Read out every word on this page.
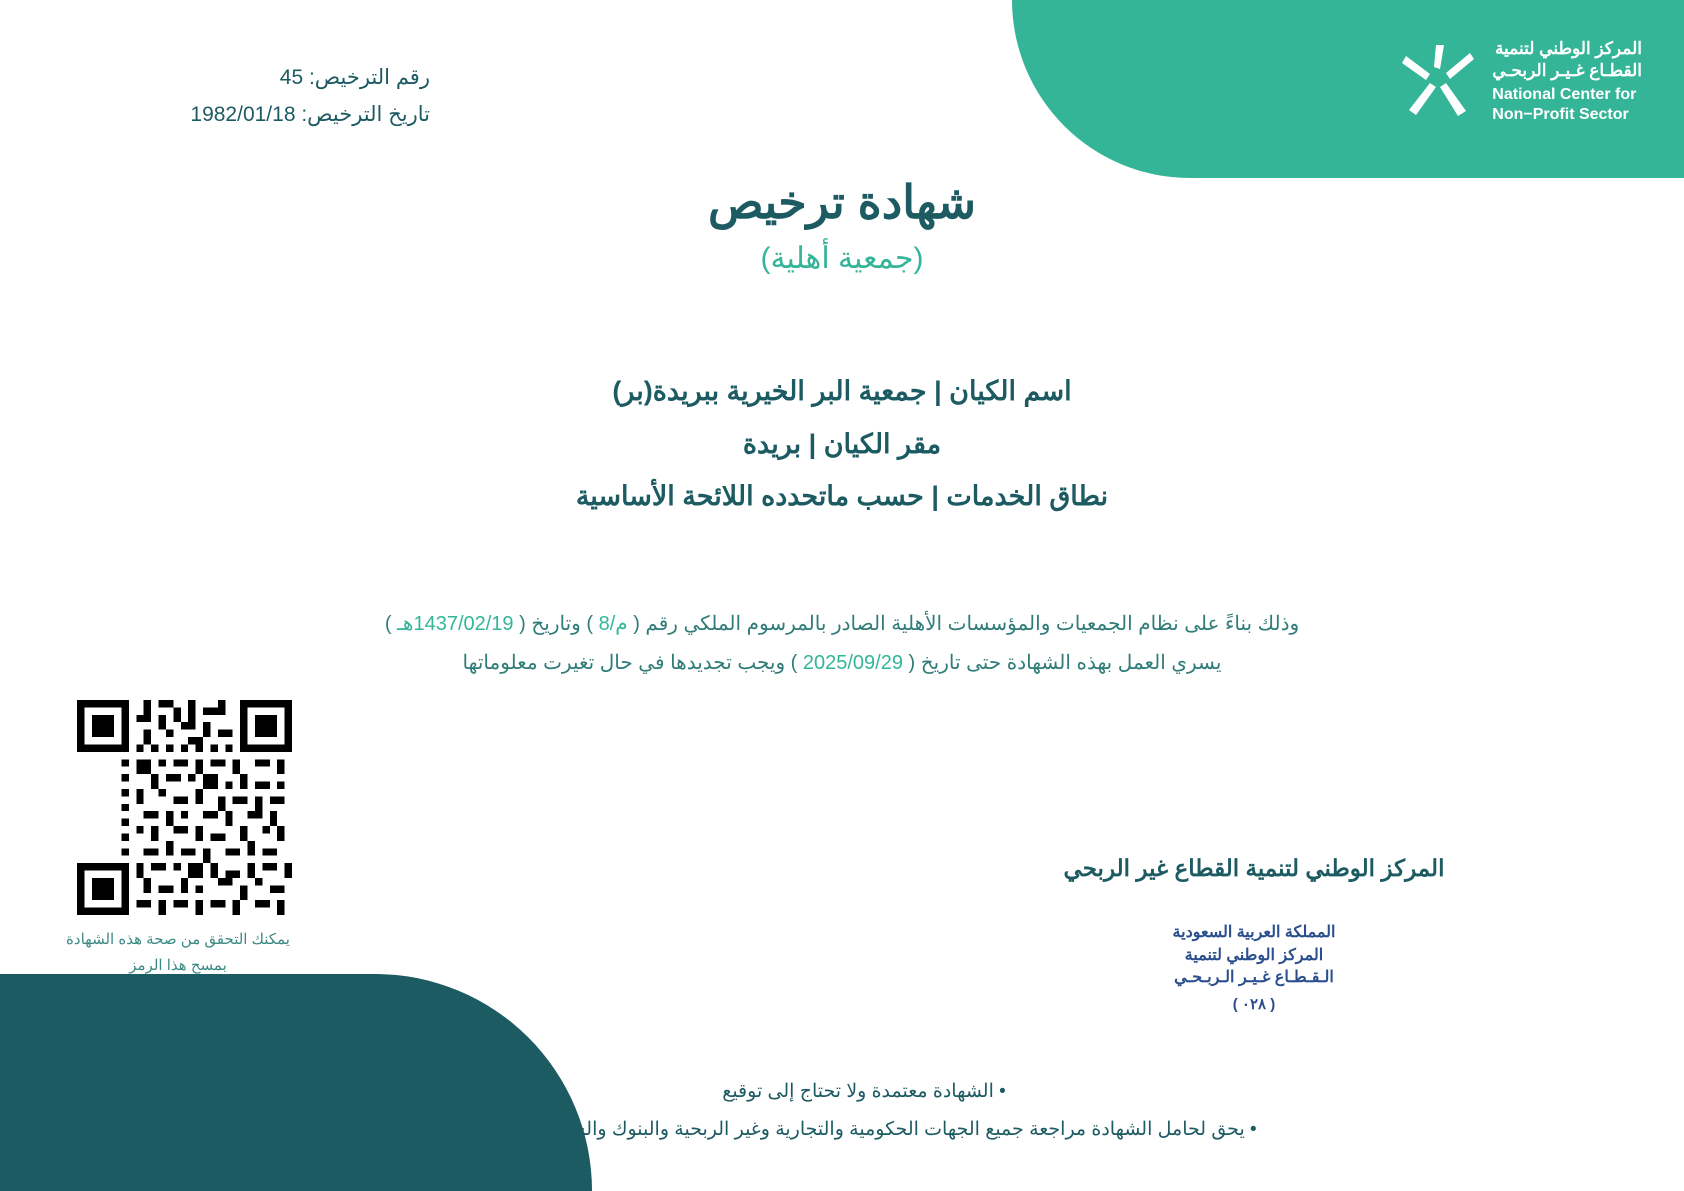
المركز الوطني لتنمية
القطـاع غـيـر الربحـي
National Center for
Non−Profit Sector
رقم الترخيص: 45
تاريخ الترخيص: 1982/01/18
شهادة ترخيص
(جمعية أهلية)
اسم الكيان | جمعية البر الخيرية ببريدة(بر)
مقر الكيان | بريدة
نطاق الخدمات | حسب ماتحدده اللائحة الأساسية
وذلك بناءً على نظام الجمعيات والمؤسسات الأهلية الصادر بالمرسوم الملكي رقم ( م/8 ) وتاريخ ( 1437/02/19هـ )
يسري العمل بهذه الشهادة حتى تاريخ ( 2025/09/29 ) ويجب تجديدها في حال تغيرت معلوماتها
يمكنك التحقق من صحة هذه الشهادة بمسح هذا الرمز
المركز الوطني لتنمية القطاع غير الربحي
المملكة العربية السعودية
المركز الوطني لتنمية
الـقـطـاع غـيـر الـربـحـي
( ٠٢٨ )
• الشهادة معتمدة ولا تحتاج إلى توقيع
• يحق لحامل الشهادة مراجعة جميع الجهات الحكومية والتجارية وغير الربحية والبنوك والشركات المالية
